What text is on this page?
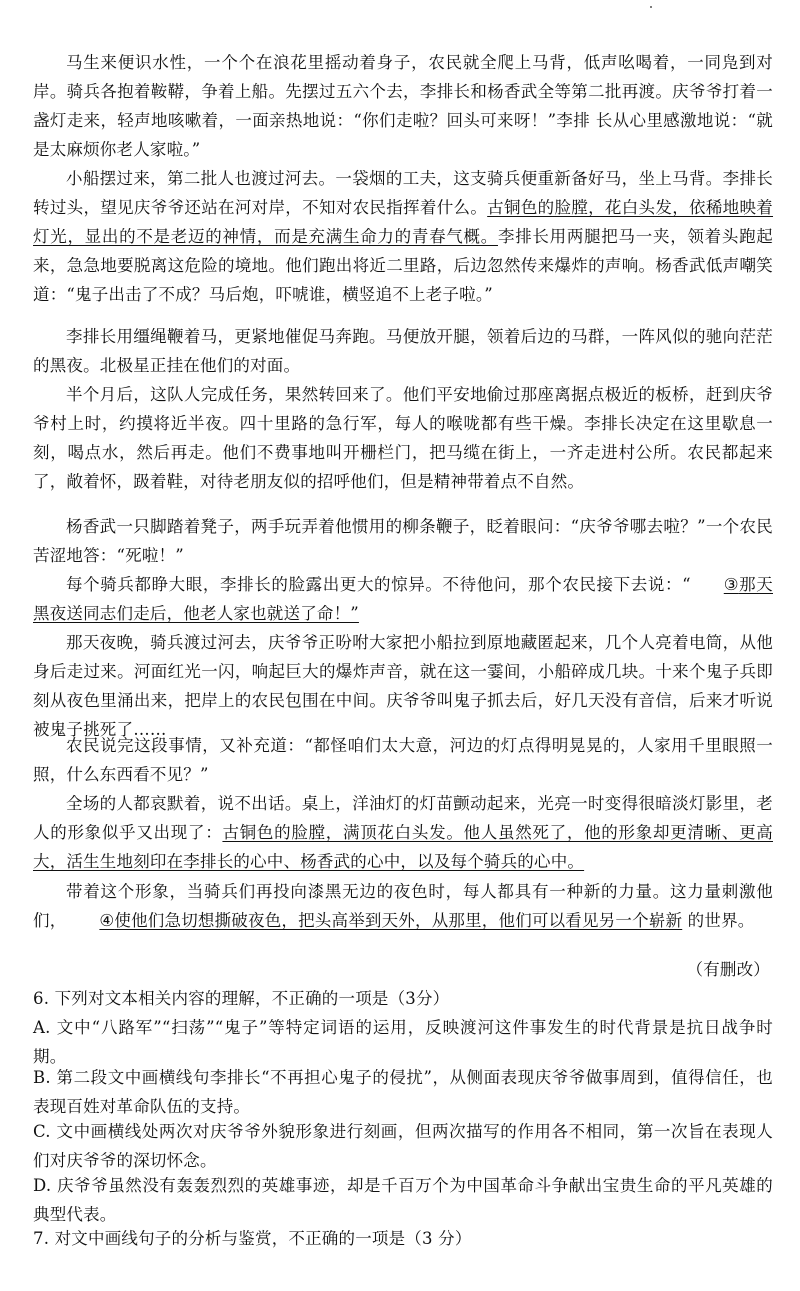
马生来便识水性，一个个在浪花里摇动着身子，农民就全爬上马背，低声吆喝着，一同凫到对岸。骑兵各抱着鞍鞯，争着上船。先摆过五六个去，李排长和杨香武全等第二批再渡。庆爷爷打着一盏灯走来，轻声地咳嗽着，一面亲热地说：“你们走啦？回头可来呀！”李排 长从心里感激地说：“就是太麻烦你老人家啦。”

小船摆过来，第二批人也渡过河去。一袋烟的工夫，这支骑兵便重新备好马，坐上马背。李排长转过头，望见庆爷爷还站在河对岸，不知对农民指挥着什么。古铜色的脸膛，花白头发，依稀地映着灯光，显出的不是老迈的神情，而是充满生命力的青春气概。李排长用两腿把马一夹，领着头跑起来，急急地要脱离这危险的境地。他们跑出将近二里路，后边忽然传来爆炸的声响。杨香武低声嘲笑道：“鬼子出击了不成？马后炮，吓唬谁，横竖追不上老子啦。”

李排长用缰绳鞭着马，更紧地催促马奔跑。马便放开腿，领着后边的马群，一阵风似的驰向茫茫的黑夜。北极星正挂在他们的对面。

半个月后，这队人完成任务，果然转回来了。他们平安地偷过那座离据点极近的板桥，赶到庆爷爷村上时，约摸将近半夜。四十里路的急行军，每人的喉咙都有些干燥。李排长决定在这里歇息一刻，喝点水，然后再走。他们不费事地叫开栅栏门，把马缆在街上，一齐走进村公所。农民都起来了，敞着怀，趿着鞋，对待老朋友似的招呼他们，但是精神带着点不自然。

杨香武一只脚踏着凳子，两手玩弄着他惯用的柳条鞭子，眨着眼问：“庆爷爷哪去啦？”一个农民苦涩地答：“死啦！”

每个骑兵都睁大眼，李排长的脸露出更大的惊异。不待他问，那个农民接下去说：“ ③那天黑夜送同志们走后，他老人家也就送了命！”

那天夜晚，骑兵渡过河去，庆爷爷正吩咐大家把小船拉到原地藏匿起来，几个人亮着电筒，从他身后走过来。河面红光一闪，响起巨大的爆炸声音，就在这一霎间，小船碎成几块。十来个鬼子兵即刻从夜色里涌出来，把岸上的农民包围在中间。庆爷爷叫鬼子抓去后，好几天没有音信，后来才听说被鬼子挑死了……

农民说完这段事情，又补充道：“都怪咱们太大意，河边的灯点得明晃晃的，人家用千里眼照一照，什么东西看不见？”

全场的人都哀默着，说不出话。桌上，洋油灯的灯苗颤动起来，光亮一时变得很暗淡灯影里，老人的形象似乎又出现了：古铜色的脸膛，满顶花白头发。他人虽然死了，他的形象却更清晰、更高大，活生生地刻印在李排长的心中、杨香武的心中，以及每个骑兵的心中。

带着这个形象，当骑兵们再投向漆黑无边的夜色时，每人都具有一种新的力量。这力量刺激他们， ④使他们急切想撕破夜色，把头高举到天外，从那里，他们可以看见另一个崭新 的世界。

（有删改）

6. 下列对文本相关内容的理解，不正确的一项是（3分）

A. 文中“八路军”“扫荡”“鬼子”等特定词语的运用，反映渡河这件事发生的时代背景是抗日战争时期。

B. 第二段文中画横线句李排长“不再担心鬼子的侵扰”，从侧面表现庆爷爷做事周到，值得信任，也表现百姓对革命队伍的支持。

C. 文中画横线处两次对庆爷爷外貌形象进行刻画，但两次描写的作用各不相同，第一次旨在表现人们对庆爷爷的深切怀念。

D. 庆爷爷虽然没有轰轰烈烈的英雄事迹，却是千百万个为中国革命斗争献出宝贵生命的平凡英雄的典型代表。

7. 对文中画线句子的分析与鉴赏，不正确的一项是（3 分）
